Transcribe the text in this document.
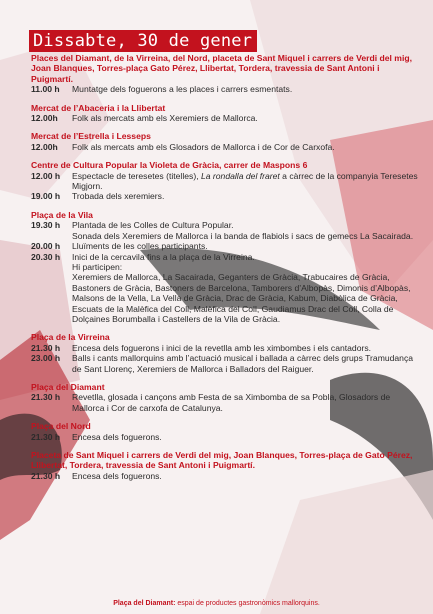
Dissabte, 30 de gener
Places del Diamant, de la Virreina, del Nord, placeta de Sant Miquel i carrers de Verdi del mig, Joan Blanques, Torres-plaça Gato Pérez, Llibertat, Tordera, travessia de Sant Antoni i Puigmartí.
11.00 h	Muntatge dels foguerons a les places i carrers esmentats.
Mercat de l’Abaceria i la Llibertat
12.00h	Folk als mercats amb els Xeremiers de Mallorca.
Mercat de l’Estrella i Lesseps
12.00h	Folk als mercats amb els Glosadors de Mallorca i de Cor de Carxofa.
Centre de Cultura Popular la Violeta de Gràcia, carrer de Maspons 6
12.00 h	Espectacle de teresetes (titelles), La rondalla del fraret a càrrec de la companyia Teresetes Migjorn.
19.00 h	Trobada dels xeremiers.
Plaça de la Vila
19.30 h	Plantada de les Colles de Cultura Popular.
Sonada dels Xeremiers de Mallorca i la banda de flabiols i sacs de gemecs La Sacairada.
20.00 h	Lluïments de les colles participants.
20.30 h	Inici de la cercavila fins a la plaça de la Virreina.
Hi participen:
Xeremiers de Mallorca, La Sacairada, Geganters de Gràcia, Trabucaires de Gràcia, Bastoners de Gràcia, Bastoners de Barcelona, Tamborers d’Albopàs, Dimonis d’Albopàs, Malsons de la Vella, La Vella de Gràcia, Drac de Gràcia, Kabum, Diabòlica de Gràcia, Escuats de la Malèfica del Coll, Malèfica del Coll, Gaudiamus Drac del Coll, Colla de Dolçaines Borumballa i Castellers de la Vila de Gràcia.
Plaça de la Virreina
21.30 h	Encesa dels foguerons i inici de la revetlla amb les ximbombes i els cantadors.
23.00 h	Balls i cants mallorquins amb l’actuació musical i ballada a càrrec dels grups Tramudança de Sant Llorenç, Xeremiers de Mallorca i Balladors del Raiguer.
Plaça del Diamant
21.30 h	Revetlla, glosada i cançons amb Festa de sa Ximbomba de sa Pobla, Glosadors de Mallorca i Cor de carxofa de Catalunya.
Plaça del Nord
21.30 h	Encesa dels foguerons.
Placeta de Sant Miquel i carrers de Verdi del mig, Joan Blanques, Torres-plaça de Gato Pérez, Llibertat, Tordera, travessia de Sant Antoni i Puigmartí.
21.30 h	Encesa dels foguerons.
Plaça del Diamant: espai de productes gastronòmics mallorquins.
